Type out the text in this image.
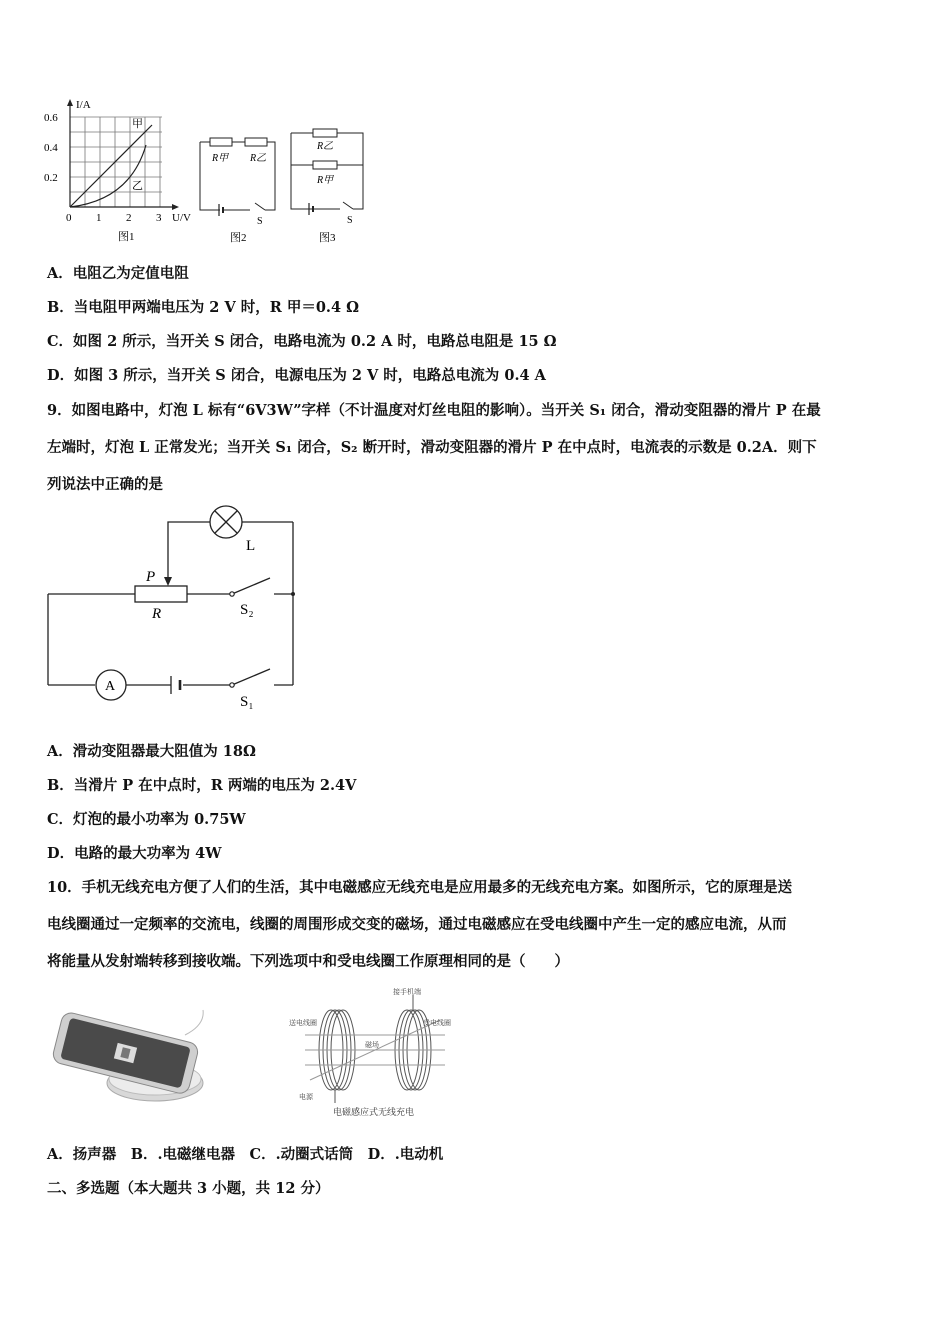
I/A
U/V
0.6
0.4
0.2
0 1 2 3
甲
乙
图1
R甲 R乙
S
图2
R乙
R甲
S
图3
A．电阻乙为定值电阻
B．当电阻甲两端电压为 2 V 时，R 甲＝0.4 Ω
C．如图 2 所示，当开关 S 闭合，电路电流为 0.2 A 时，电路总电阻是 15 Ω
D．如图 3 所示，当开关 S 闭合，电源电压为 2 V 时，电路总电流为 0.4 A
9．如图电路中，灯泡 L 标有“6V3W”字样（不计温度对灯丝电阻的影响）。当开关 S₁ 闭合，滑动变阻器的滑片 P 在最
左端时，灯泡 L 正常发光；当开关 S₁ 闭合，S₂ 断开时，滑动变阻器的滑片 P 在中点时，电流表的示数是 0.2A．则下
列说法中正确的是
L
P
R	S₂
S₁
A
A．滑动变阻器最大阻值为 18Ω
B．当滑片 P 在中点时，R 两端的电压为 2.4V
C．灯泡的最小功率为 0.75W
D．电路的最大功率为 4W
10．手机无线充电方便了人们的生活，其中电磁感应无线充电是应用最多的无线充电方案。如图所示，它的原理是送
电线圈通过一定频率的交流电，线圈的周围形成交变的磁场，通过电磁感应在受电线圈中产生一定的感应电流，从而
将能量从发射端转移到接收端。下列选项中和受电线圈工作原理相同的是（　　）
接手机端
送电线圈
磁场
受电线圈
电源
电磁感应式无线充电
A．扬声器　B．.电磁继电器　C．.动圈式话筒　D．.电动机
二、多选题（本大题共 3 小题，共 12 分）
